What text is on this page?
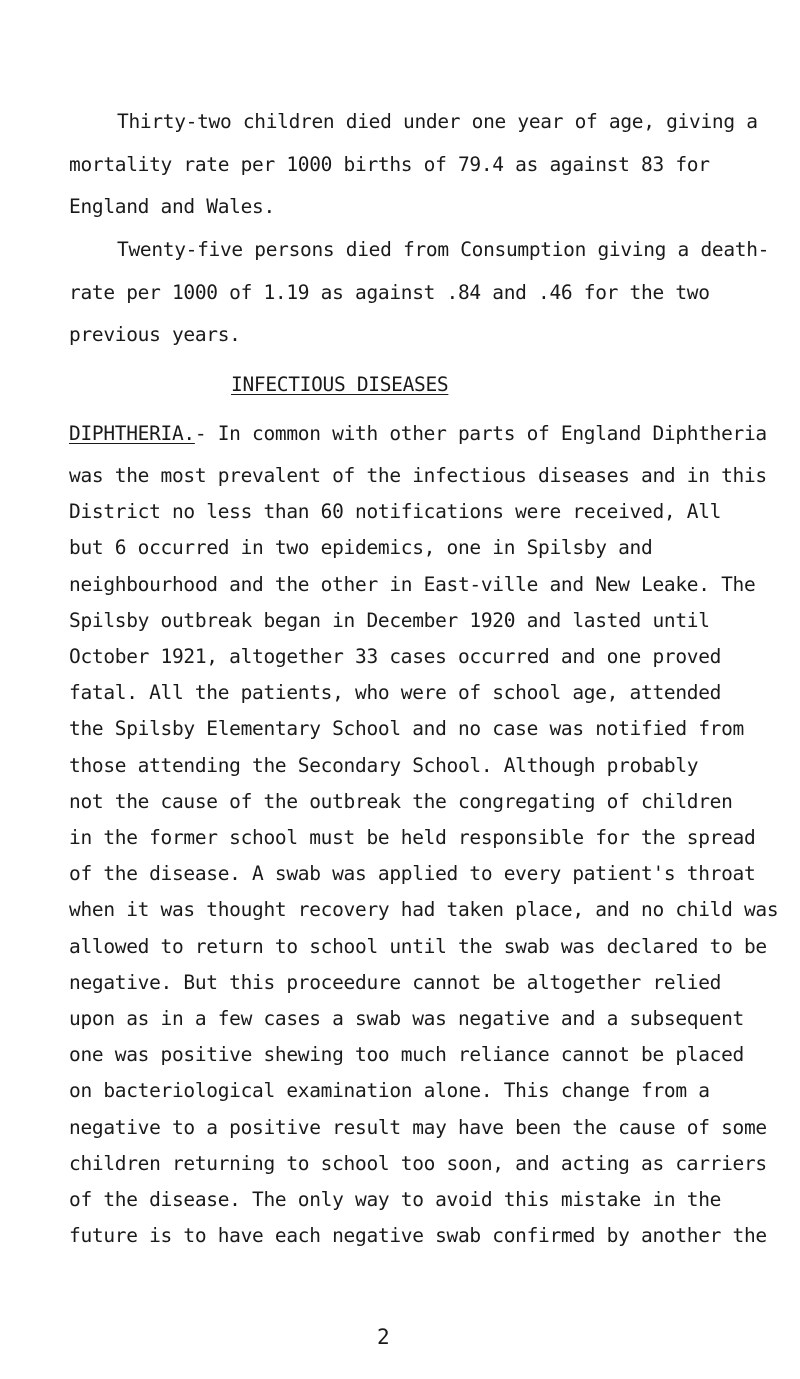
Thirty-two children died under one year of age, giving a
mortality rate per 1000 births of 79.4 as against 83 for
England and Wales.
Twenty-five persons died from Consumption giving a death-
rate per 1000 of 1.19 as against .84 and .46 for the two
previous years.
INFECTIOUS DISEASES
DIPHTHERIA.- In common with other parts of England Diphtheria
was the most prevalent of the infectious diseases and in this
District no less than 60 notifications were received, All
but 6 occurred in two epidemics, one in Spilsby and
neighbourhood and the other in East-ville and New Leake. The
Spilsby outbreak began in December 1920 and lasted until
October 1921, altogether 33 cases occurred and one proved
fatal. All the patients, who were of school age, attended
the Spilsby Elementary School and no case was notified from
those attending the Secondary School. Although probably
not the cause of the outbreak the congregating of children
in the former school must be held responsible for the spread
of the disease. A swab was applied to every patient's throat
when it was thought recovery had taken place, and no child was
allowed to return to school until the swab was declared to be
negative. But this proceedure cannot be altogether relied
upon as in a few cases a swab was negative and a subsequent
one was positive shewing too much reliance cannot be placed
on bacteriological examination alone. This change from a
negative to a positive result may have been the cause of some
children returning to school too soon, and acting as carriers
of the disease. The only way to avoid this mistake in the
future is to have each negative swab confirmed by another the
2
